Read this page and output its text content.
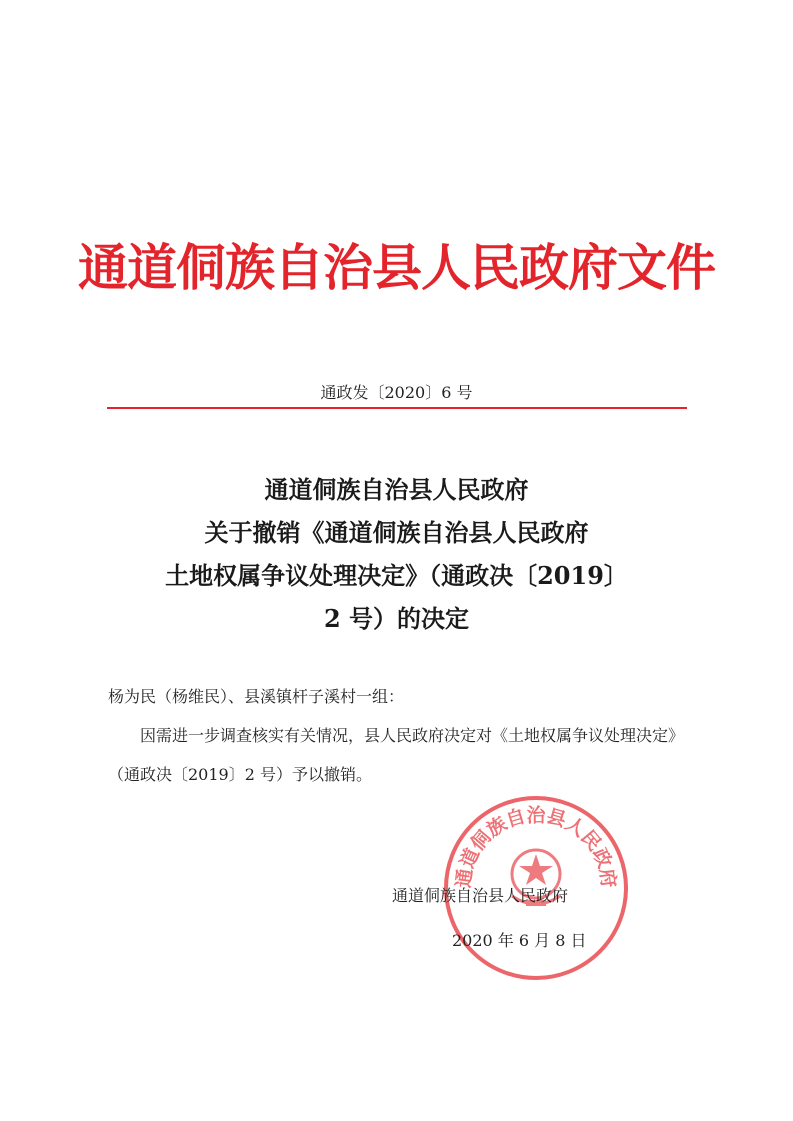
通道侗族自治县人民政府文件
通政发〔2020〕6 号
通道侗族自治县人民政府
关于撤销《通道侗族自治县人民政府
土地权属争议处理决定》（通政决〔2019〕
2 号）的决定
杨为民（杨维民）、县溪镇杆子溪村一组：
因需进一步调查核实有关情况，县人民政府决定对《土地权属争议处理决定》（通政决〔2019〕2 号）予以撤销。
通道侗族自治县人民政府
通道侗族自治县人民政府
2020 年 6 月 8 日
